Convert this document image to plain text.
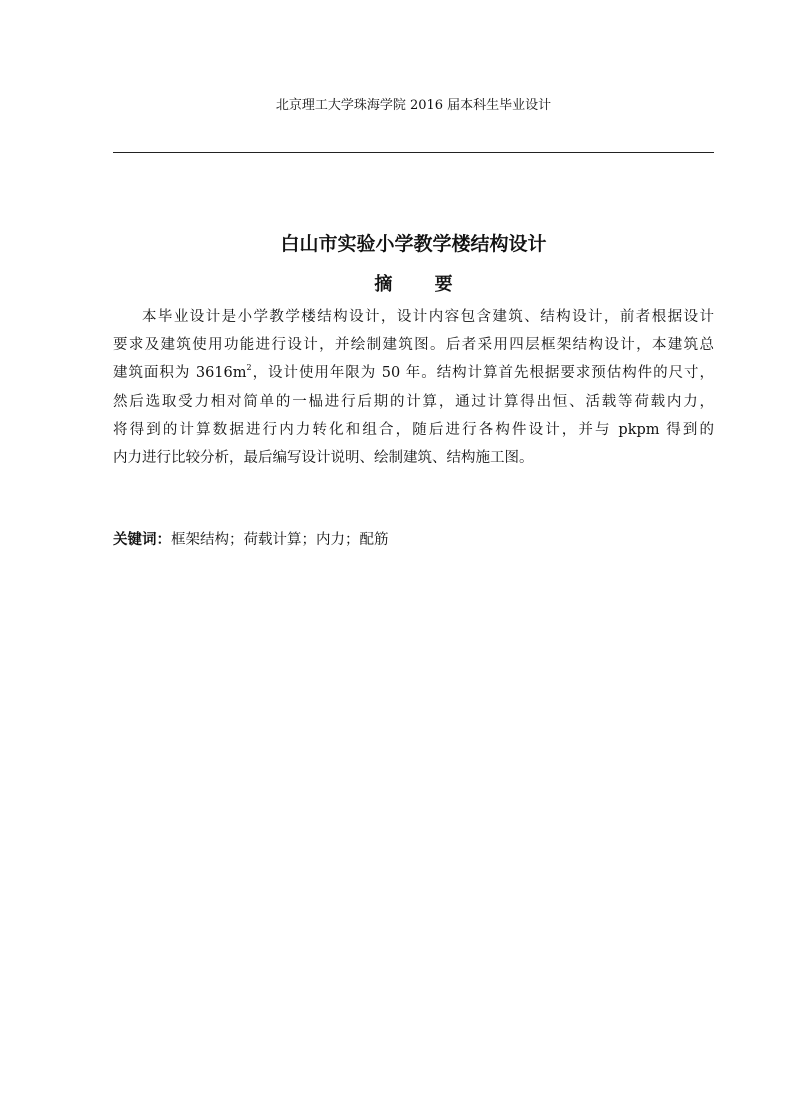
北京理工大学珠海学院 2016 届本科生毕业设计
白山市实验小学教学楼结构设计
摘 要
本毕业设计是小学教学楼结构设计，设计内容包含建筑、结构设计，前者根据设计
要求及建筑使用功能进行设计，并绘制建筑图。后者采用四层框架结构设计，本建筑总
建筑面积为 $3616m^2$，设计使用年限为 50 年。结构计算首先根据要求预估构件的尺寸，
然后选取受力相对简单的一榀进行后期的计算，通过计算得出恒、活载等荷载内力，
将得到的计算数据进行内力转化和组合，随后进行各构件设计，并与 pkpm 得到的
内力进行比较分析，最后编写设计说明、绘制建筑、结构施工图。
关键词：框架结构；荷载计算；内力；配筋
